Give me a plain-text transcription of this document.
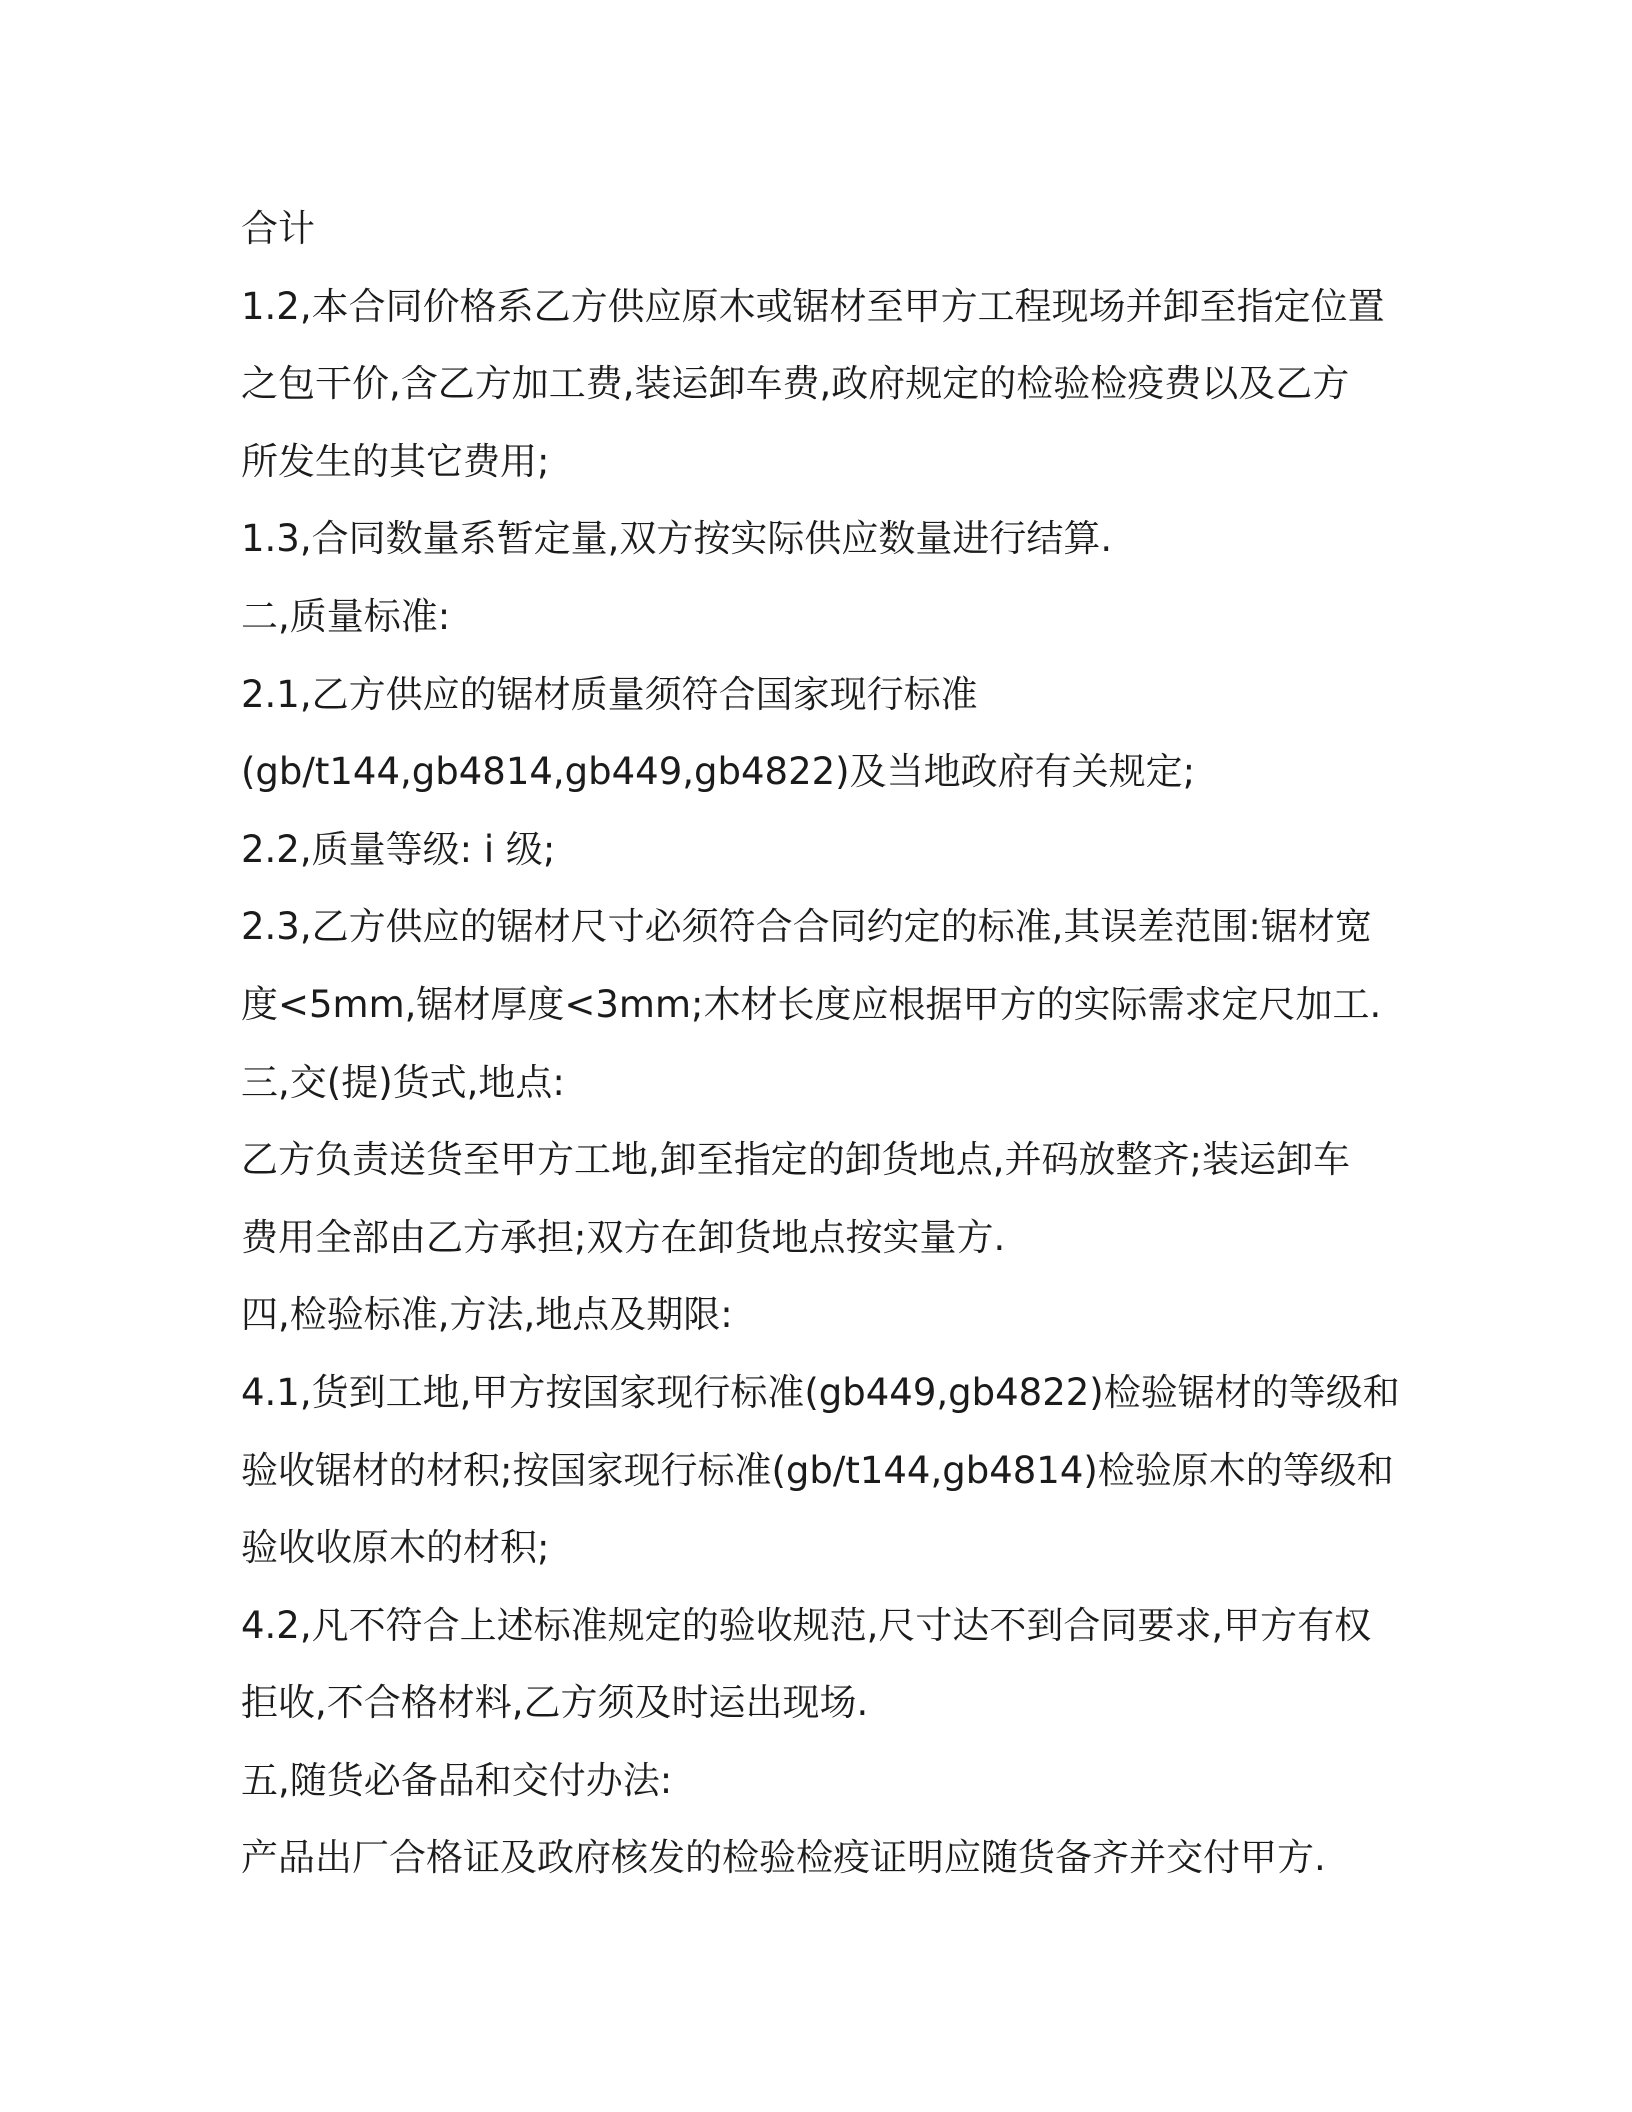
合计
1.2,本合同价格系乙方供应原木或锯材至甲方工程现场并卸至指定位置
之包干价,含乙方加工费,装运卸车费,政府规定的检验检疫费以及乙方
所发生的其它费用;
1.3,合同数量系暂定量,双方按实际供应数量进行结算.
二,质量标准:
2.1,乙方供应的锯材质量须符合国家现行标准
(gb/t144,gb4814,gb449,gb4822)及当地政府有关规定;
2.2,质量等级: i 级;
2.3,乙方供应的锯材尺寸必须符合合同约定的标准,其误差范围:锯材宽
度<5mm,锯材厚度<3mm;木材长度应根据甲方的实际需求定尺加工.
三,交(提)货式,地点:
乙方负责送货至甲方工地,卸至指定的卸货地点,并码放整齐;装运卸车
费用全部由乙方承担;双方在卸货地点按实量方.
四,检验标准,方法,地点及期限:
4.1,货到工地,甲方按国家现行标准(gb449,gb4822)检验锯材的等级和
验收锯材的材积;按国家现行标准(gb/t144,gb4814)检验原木的等级和
验收收原木的材积;
4.2,凡不符合上述标准规定的验收规范,尺寸达不到合同要求,甲方有权
拒收,不合格材料,乙方须及时运出现场.
五,随货必备品和交付办法:
产品出厂合格证及政府核发的检验检疫证明应随货备齐并交付甲方.
